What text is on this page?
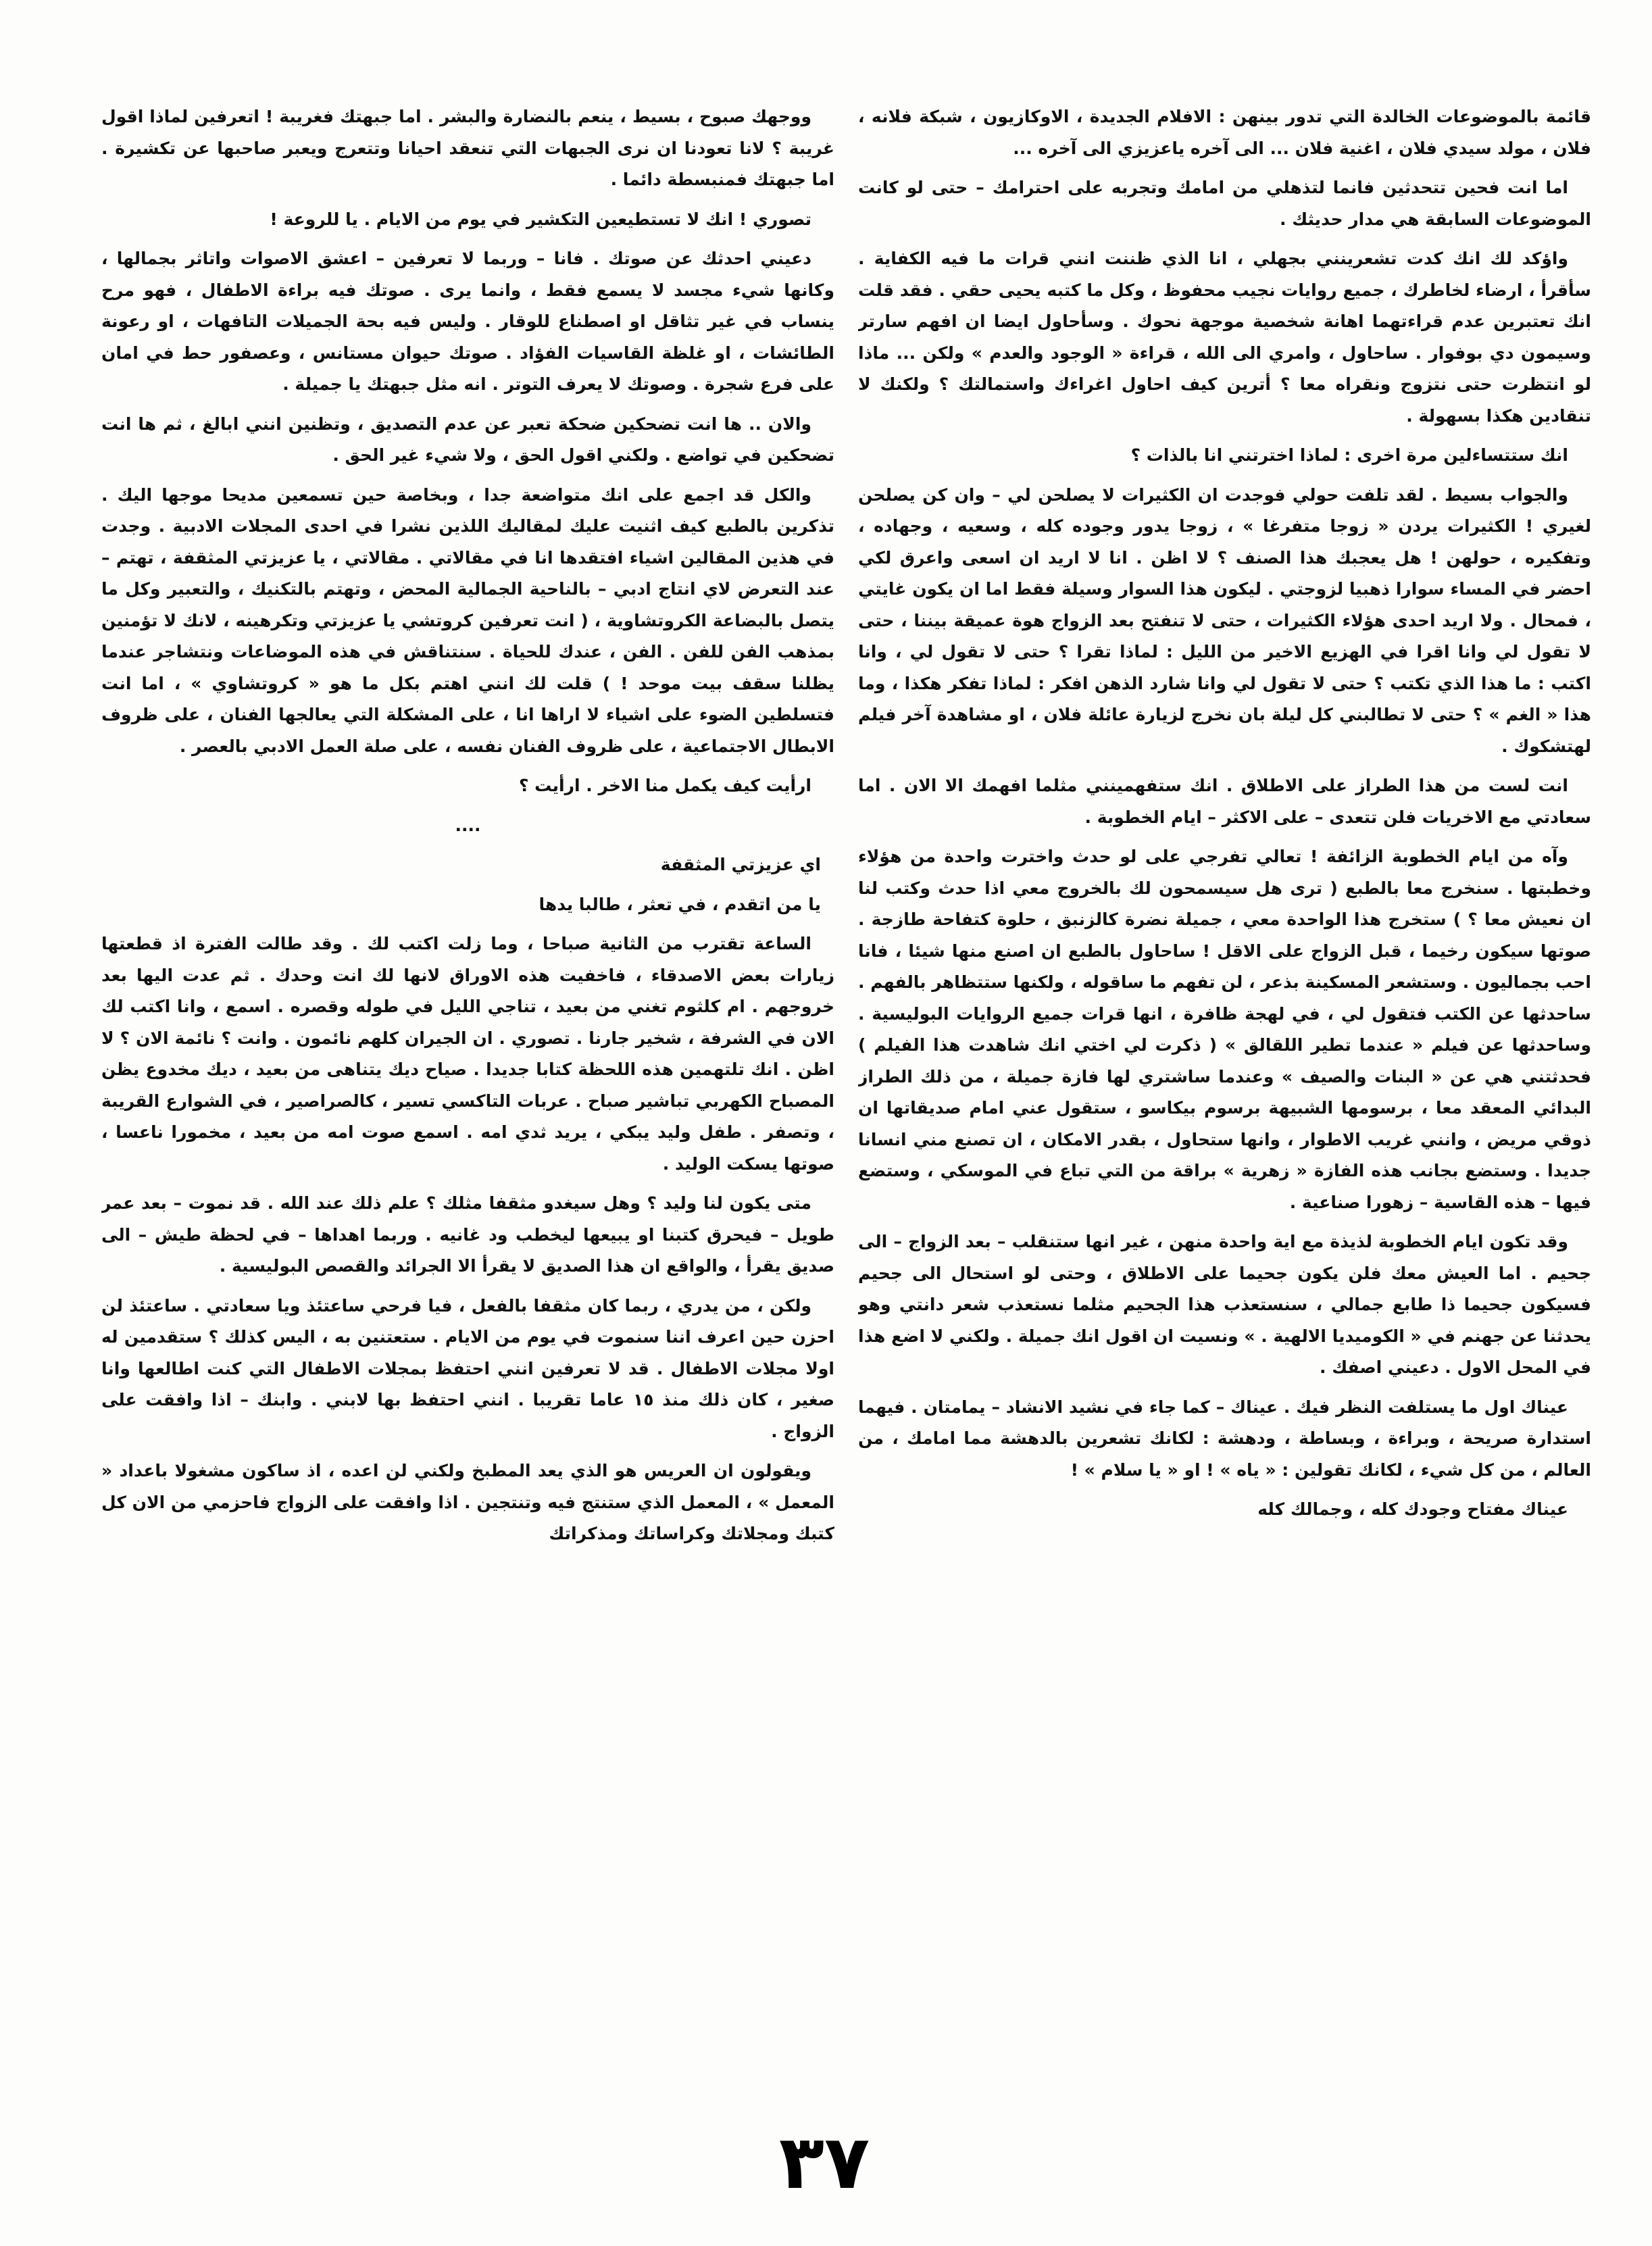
قائمة بالموضوعات الخالدة التي تدور بينهن : الافلام الجديدة ، الاوكازيون ، شبكة فلانه ، فلان ، مولد سيدي فلان ، اغنية فلان ... الى آخره ياعزيزي الى آخره ...

اما انت فحين تتحدثين فانما لتذهلي من امامك وتجربه على احترامك – حتى لو كانت الموضوعات السابقة هي مدار حديثك .

واؤكد لك انك كدت تشعرينني بجهلي ، انا الذي ظننت انني قرات ما فيه الكفاية . سأقرأ ، ارضاء لخاطرك ، جميع روايات نجيب محفوظ ، وكل ما كتبه يحيى حقي . فقد قلت انك تعتبرين عدم قراءتهما اهانة شخصية موجهة نحوك . وسأحاول ايضا ان افهم سارتر وسيمون دي بوفوار . ساحاول ، وامري الى الله ، قراءة « الوجود والعدم » ولكن ... ماذا لو انتظرت حتى نتزوج ونقراه معا ؟ أترين كيف احاول اغراءك واستمالتك ؟ ولكنك لا تنقادين هكذا بسهولة .

انك ستتساءلين مرة اخرى : لماذا اخترتني انا بالذات ؟

والجواب بسيط . لقد تلفت حولي فوجدت ان الكثيرات لا يصلحن لي – وان كن يصلحن لغيري ! الكثيرات يردن « زوجا متفرغا » ، زوجا يدور وجوده كله ، وسعيه ، وجهاده ، وتفكيره ، حولهن ! هل يعجبك هذا الصنف ؟ لا اظن . انا لا اريد ان اسعى واعرق لكي احضر في المساء سوارا ذهبيا لزوجتي . ليكون هذا السوار وسيلة فقط اما ان يكون غايتي ، فمحال . ولا اريد احدى هؤلاء الكثيرات ، حتى لا تنفتح بعد الزواج هوة عميقة بيننا ، حتى لا تقول لي وانا اقرا في الهزيع الاخير من الليل : لماذا تقرا ؟ حتى لا تقول لي ، وانا اكتب : ما هذا الذي تكتب ؟ حتى لا تقول لي وانا شارد الذهن افكر : لماذا تفكر هكذا ، وما هذا « الغم » ؟ حتى لا تطالبني كل ليلة بان نخرج لزيارة عائلة فلان ، او مشاهدة آخر فيلم لهتشكوك .

انت لست من هذا الطراز على الاطلاق . انك ستفهمينني مثلما افهمك الا الان . اما سعادتي مع الاخريات فلن تتعدى – على الاكثر – ايام الخطوبة .

وآه من ايام الخطوبة الزائفة ! تعالي تفرجي على لو حدث واخترت واحدة من هؤلاء وخطبتها . سنخرج معا بالطبع ( ترى هل سيسمحون لك بالخروج معي اذا حدث وكتب لنا ان نعيش معا ؟ ) ستخرج هذا الواحدة معي ، جميلة نضرة كالزنبق ، حلوة كتفاحة طازجة . صوتها سيكون رخيما ، قبل الزواج على الاقل ! ساحاول بالطبع ان اصنع منها شيئا ، فانا احب بجماليون . وستشعر المسكينة بذعر ، لن تفهم ما ساقوله ، ولكنها ستتظاهر بالفهم . ساحدثها عن الكتب فتقول لي ، في لهجة ظافرة ، انها قرات جميع الروايات البوليسية . وساحدثها عن فيلم « عندما تطير اللقالق » ( ذكرت لي اختي انك شاهدت هذا الفيلم ) فحدثتني هي عن « البنات والصيف » وعندما ساشتري لها فازة جميلة ، من ذلك الطراز البدائي المعقد معا ، برسومها الشبيهة برسوم بيكاسو ، ستقول عني امام صديقاتها ان ذوقي مريض ، وانني غريب الاطوار ، وانها ستحاول ، بقدر الامكان ، ان تصنع مني انسانا جديدا . وستضع بجانب هذه الفازة « زهرية » براقة من التي تباع في الموسكي ، وستضع فيها – هذه القاسية – زهورا صناعية .

وقد تكون ايام الخطوبة لذيذة مع اية واحدة منهن ، غير انها ستنقلب – بعد الزواج – الى جحيم . اما العيش معك فلن يكون جحيما على الاطلاق ، وحتى لو استحال الى جحيم فسيكون جحيما ذا طابع جمالي ، سنستعذب هذا الجحيم مثلما نستعذب شعر دانتي وهو يحدثنا عن جهنم في « الكوميديا الالهية . » ونسيت ان اقول انك جميلة . ولكني لا اضع هذا في المحل الاول . دعيني اصفك .

عيناك اول ما يستلفت النظر فيك . عيناك – كما جاء في نشيد الانشاد – يمامتان . فيهما استدارة صريحة ، وبراءة ، وبساطة ، ودهشة : لكانك تشعرين بالدهشة مما امامك ، من العالم ، من كل شيء ، لكانك تقولين : « ياه » ! او « يا سلام » !

عيناك مفتاح وجودك كله ، وجمالك كله

ووجهك صبوح ، بسيط ، ينعم بالنضارة والبشر . اما جبهتك فغريبة ! اتعرفين لماذا اقول غريبة ؟ لانا تعودنا ان نرى الجبهات التي تنعقد احيانا وتتعرج ويعبر صاحبها عن تكشيرة . اما جبهتك فمنبسطة دائما .

تصوري ! انك لا تستطيعين التكشير في يوم من الايام . يا للروعة !

دعيني احدثك عن صوتك . فانا – وربما لا تعرفين – اعشق الاصوات واتاثر بجمالها ، وكانها شيء مجسد لا يسمع فقط ، وانما يرى . صوتك فيه براءة الاطفال ، فهو مرح ينساب في غير تثاقل او اصطناع للوقار . وليس فيه بحة الجميلات التافهات ، او رعونة الطائشات ، او غلظة القاسيات الفؤاد . صوتك حيوان مستانس ، وعصفور حط في امان على فرع شجرة . وصوتك لا يعرف التوتر . انه مثل جبهتك يا جميلة .

والان .. ها انت تضحكين ضحكة تعبر عن عدم التصديق ، وتظنين انني ابالغ ، ثم ها انت تضحكين في تواضع . ولكني اقول الحق ، ولا شيء غير الحق .

والكل قد اجمع على انك متواضعة جدا ، وبخاصة حين تسمعين مديحا موجها اليك . تذكرين بالطبع كيف اثنيت عليك لمقاليك اللذين نشرا في احدى المجلات الادبية . وجدت في هذين المقالين اشياء افتقدها انا في مقالاتي . مقالاتي ، يا عزيزتي المثقفة ، تهتم – عند التعرض لاي انتاج ادبي – بالناحية الجمالية المحض ، وتهتم بالتكنيك ، والتعبير وكل ما يتصل بالبضاعة الكروتشاوية ، ( انت تعرفين كروتشي يا عزيزتي وتكرهينه ، لانك لا تؤمنين بمذهب الفن للفن . الفن ، عندك للحياة . سنتناقش في هذه الموضاعات ونتشاجر عندما يظلنا سقف بيت موحد ! ) قلت لك انني اهتم بكل ما هو « كروتشاوي » ، اما انت فتسلطين الضوء على اشياء لا اراها انا ، على المشكلة التي يعالجها الفنان ، على ظروف الابطال الاجتماعية ، على ظروف الفنان نفسه ، على صلة العمل الادبي بالعصر .

ارأيت كيف يكمل منا الاخر . ارأيت ؟

....

اي عزيزتي المثقفة

يا من اتقدم ، في تعثر ، طالبا يدها

الساعة تقترب من الثانية صباحا ، وما زلت اكتب لك . وقد طالت الفترة اذ قطعتها زيارات بعض الاصدقاء ، فاخفيت هذه الاوراق لانها لك انت وحدك . ثم عدت اليها بعد خروجهم . ام كلثوم تغني من بعيد ، تناجي الليل في طوله وقصره . اسمع ، وانا اكتب لك الان في الشرفة ، شخير جارنا . تصوري . ان الجيران كلهم نائمون . وانت ؟ نائمة الان ؟ لا اظن . انك تلتهمين هذه اللحظة كتابا جديدا . صياح ديك يتناهى من بعيد ، ديك مخدوع يظن المصباح الكهربي تباشير صباح . عربات التاكسي تسير ، كالصراصير ، في الشوارع القريبة ، وتصفر . طفل وليد يبكي ، يريد ثدي امه . اسمع صوت امه من بعيد ، مخمورا ناعسا ، صوتها يسكت الوليد .

متى يكون لنا وليد ؟ وهل سيغدو مثقفا مثلك ؟ علم ذلك عند الله . قد نموت – بعد عمر طويل – فيحرق كتبنا او يبيعها ليخطب ود غانيه . وربما اهداها – في لحظة طيش – الى صديق يقرأ ، والواقع ان هذا الصديق لا يقرأ الا الجرائد والقصص البوليسية .

ولكن ، من يدري ، ربما كان مثقفا بالفعل ، فيا فرحي ساعتئذ ويا سعادتي . ساعتئذ لن احزن حين اعرف اننا سنموت في يوم من الايام . ستعتنين به ، اليس كذلك ؟ ستقدمين له اولا مجلات الاطفال . قد لا تعرفين انني احتفظ بمجلات الاطفال التي كنت اطالعها وانا صغير ، كان ذلك منذ ١٥ عاما تقريبا . انني احتفظ بها لابني . وابنك – اذا وافقت على الزواج .

ويقولون ان العريس هو الذي يعد المطبخ ولكني لن اعده ، اذ ساكون مشغولا باعداد « المعمل » ، المعمل الذي ستنتج فيه وتنتجين . اذا وافقت على الزواج فاحزمي من الان كل كتبك ومجلاتك وكراساتك ومذكراتك

٣٧
